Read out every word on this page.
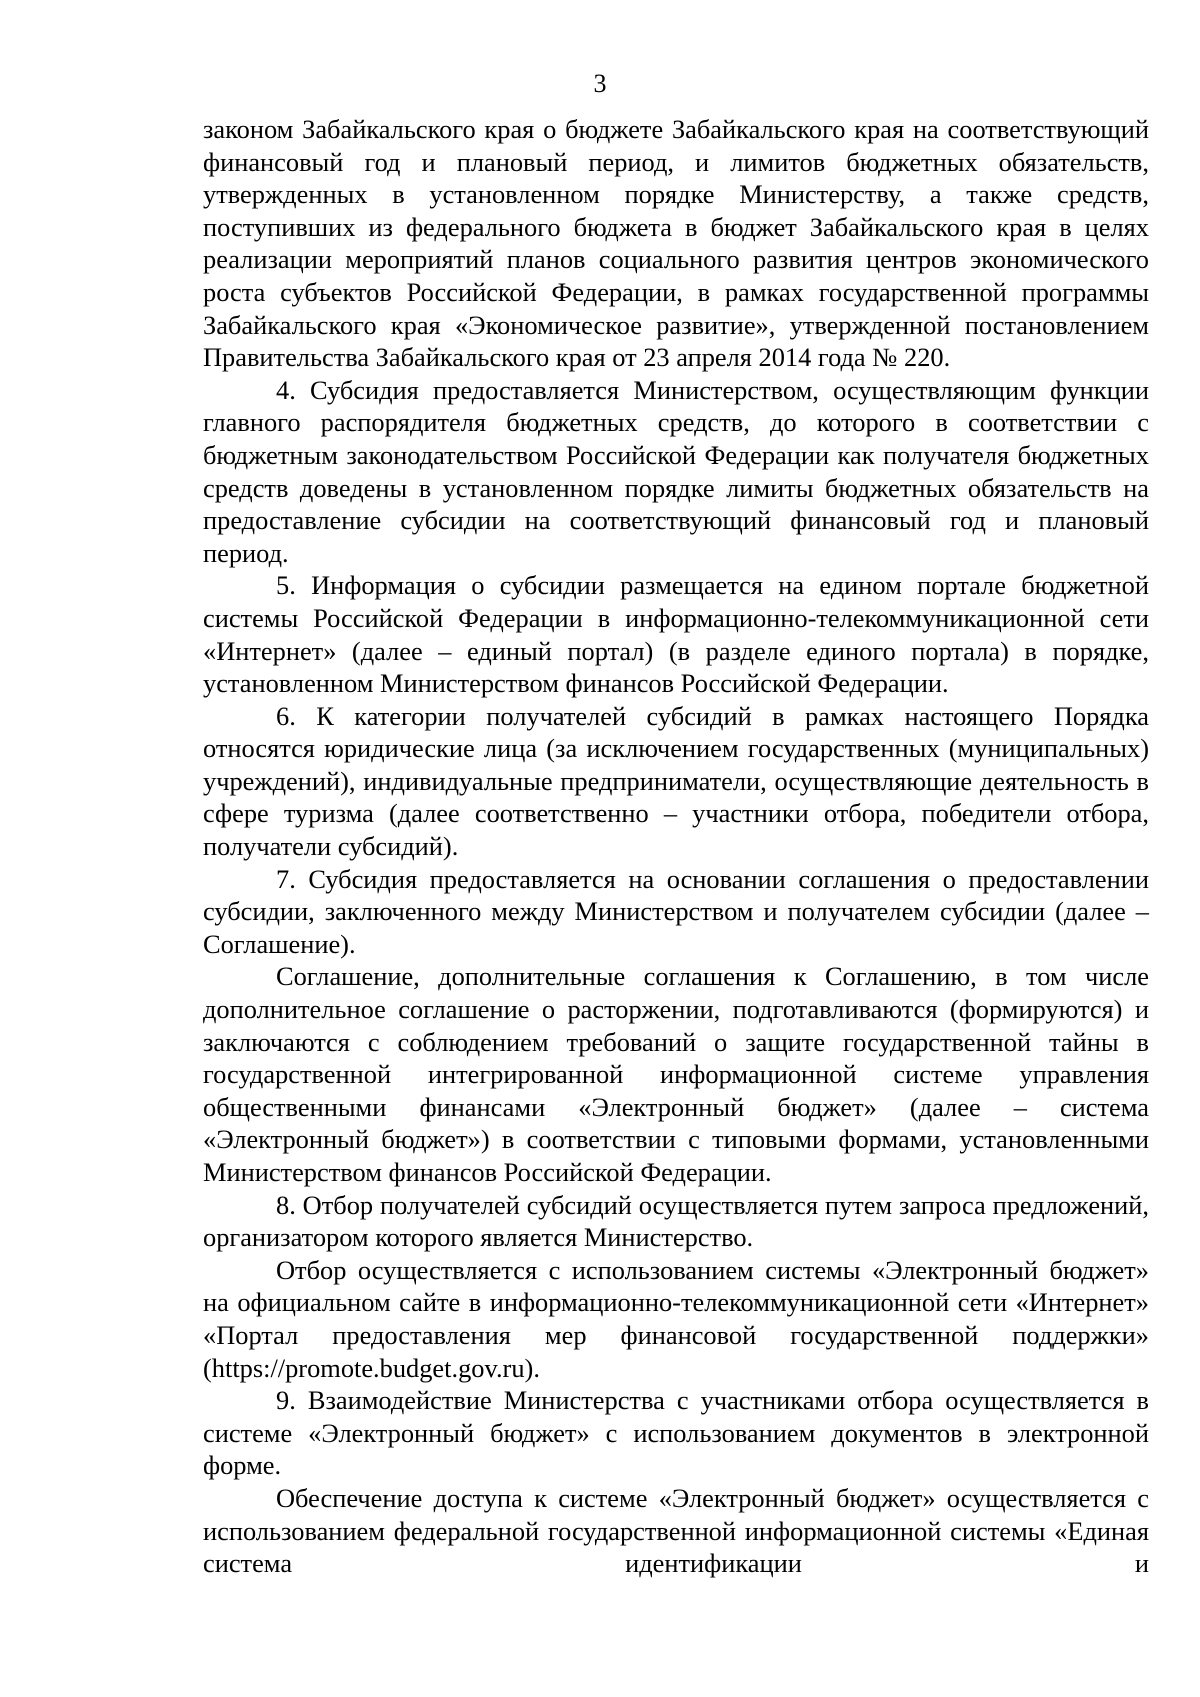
3

законом Забайкальского края о бюджете Забайкальского края на соответствующий финансовый год и плановый период, и лимитов бюджетных обязательств, утвержденных в установленном порядке Министерству, а также средств, поступивших из федерального бюджета в бюджет Забайкальского края в целях реализации мероприятий планов социального развития центров экономического роста субъектов Российской Федерации, в рамках государственной программы Забайкальского края «Экономическое развитие», утвержденной постановлением Правительства Забайкальского края от 23 апреля 2014 года № 220.

4. Субсидия предоставляется Министерством, осуществляющим функции главного распорядителя бюджетных средств, до которого в соответствии с бюджетным законодательством Российской Федерации как получателя бюджетных средств доведены в установленном порядке лимиты бюджетных обязательств на предоставление субсидии на соответствующий финансовый год и плановый период.

5. Информация о субсидии размещается на едином портале бюджетной системы Российской Федерации в информационно-телекоммуникационной сети «Интернет» (далее – единый портал) (в разделе единого портала) в порядке, установленном Министерством финансов Российской Федерации.

6. К категории получателей субсидий в рамках настоящего Порядка относятся юридические лица (за исключением государственных (муниципальных) учреждений), индивидуальные предприниматели, осуществляющие деятельность в сфере туризма (далее соответственно – участники отбора, победители отбора, получатели субсидий).

7. Субсидия предоставляется на основании соглашения о предоставлении субсидии, заключенного между Министерством и получателем субсидии (далее – Соглашение).

Соглашение, дополнительные соглашения к Соглашению, в том числе дополнительное соглашение о расторжении, подготавливаются (формируются) и заключаются с соблюдением требований о защите государственной тайны в государственной интегрированной информационной системе управления общественными финансами «Электронный бюджет» (далее – система «Электронный бюджет») в соответствии с типовыми формами, установленными Министерством финансов Российской Федерации.

8. Отбор получателей субсидий осуществляется путем запроса предложений, организатором которого является Министерство.

Отбор осуществляется с использованием системы «Электронный бюджет» на официальном сайте в информационно-телекоммуникационной сети «Интернет» «Портал предоставления мер финансовой государственной поддержки» (https://promote.budget.gov.ru).

9. Взаимодействие Министерства с участниками отбора осуществляется в системе «Электронный бюджет» с использованием документов в электронной форме.

Обеспечение доступа к системе «Электронный бюджет» осуществляется с использованием федеральной государственной информационной системы «Единая система идентификации и
